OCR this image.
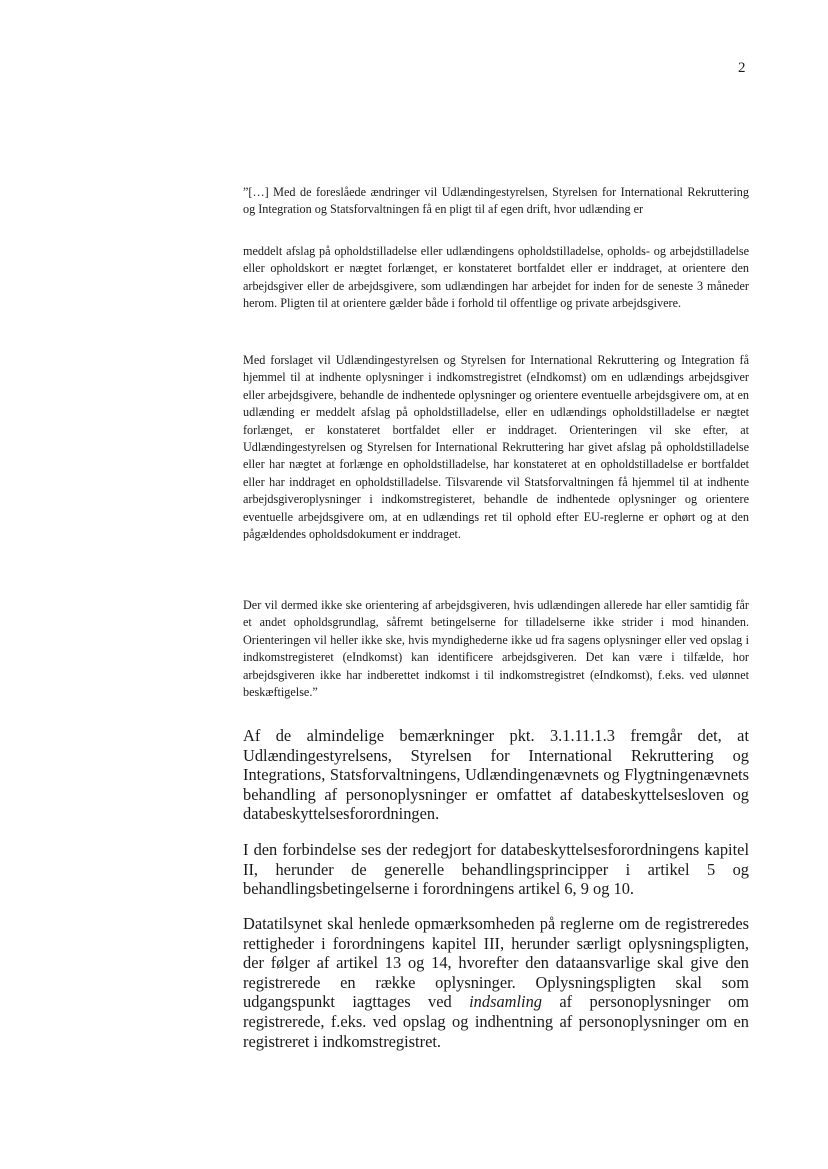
2

”[…] Med de foreslåede ændringer vil Udlændingestyrelsen, Styrelsen for International Rekruttering og Integration og Statsforvaltningen få en pligt til af egen drift, hvor udlænding er

meddelt afslag på opholdstilladelse eller udlændingens opholdstilladelse, opholds- og arbejdstilladelse eller opholdskort er nægtet forlænget, er konstateret bortfaldet eller er inddraget, at orientere den arbejdsgiver eller de arbejdsgivere, som udlændingen har arbejdet for inden for de seneste 3 måneder herom. Pligten til at orientere gælder både i forhold til offentlige og private arbejdsgivere.

Med forslaget vil Udlændingestyrelsen og Styrelsen for International Rekruttering og Integration få hjemmel til at indhente oplysninger i indkomstregistret (eIndkomst) om en udlændings arbejdsgiver eller arbejdsgivere, behandle de indhentede oplysninger og orientere eventuelle arbejdsgivere om, at en udlænding er meddelt afslag på opholdstilladelse, eller en udlændings opholdstilladelse er nægtet forlænget, er konstateret bortfaldet eller er inddraget. Orienteringen vil ske efter, at Udlændingestyrelsen og Styrelsen for International Rekruttering har givet afslag på opholdstilladelse eller har nægtet at forlænge en opholdstilladelse, har konstateret at en opholdstilladelse er bortfaldet eller har inddraget en opholdstilladelse. Tilsvarende vil Statsforvaltningen få hjemmel til at indhente arbejdsgiveroplysninger i indkomstregisteret, behandle de indhentede oplysninger og orientere eventuelle arbejdsgivere om, at en udlændings ret til ophold efter EU-reglerne er ophørt og at den pågældendes opholdsdokument er inddraget.

Der vil dermed ikke ske orientering af arbejdsgiveren, hvis udlændingen allerede har eller samtidig får et andet opholdsgrundlag, såfremt betingelserne for tilladelserne ikke strider i mod hinanden. Orienteringen vil heller ikke ske, hvis myndighederne ikke ud fra sagens oplysninger eller ved opslag i indkomstregisteret (eIndkomst) kan identificere arbejdsgiveren. Det kan være i tilfælde, hor arbejdsgiveren ikke har indberettet indkomst i til indkomstregistret (eIndkomst), f.eks. ved ulønnet beskæftigelse.”

Af de almindelige bemærkninger pkt. 3.1.11.1.3 fremgår det, at Udlændingestyrelsens, Styrelsen for International Rekruttering og Integrations, Statsforvaltningens, Udlændingenævnets og Flygtningenævnets behandling af personoplysninger er omfattet af databeskyttelsesloven og databeskyttelsesforordningen.

I den forbindelse ses der redegjort for databeskyttelsesforordningens kapitel II, herunder de generelle behandlingsprincipper i artikel 5 og behandlingsbetingelserne i forordningens artikel 6, 9 og 10.

Datatilsynet skal henlede opmærksomheden på reglerne om de registreredes rettigheder i forordningens kapitel III, herunder særligt oplysningspligten, der følger af artikel 13 og 14, hvorefter den dataansvarlige skal give den registrerede en række oplysninger. Oplysningspligten skal som udgangspunkt iagttages ved indsamling af personoplysninger om registrerede, f.eks. ved opslag og indhentning af personoplysninger om en registreret i indkomstregistret.
